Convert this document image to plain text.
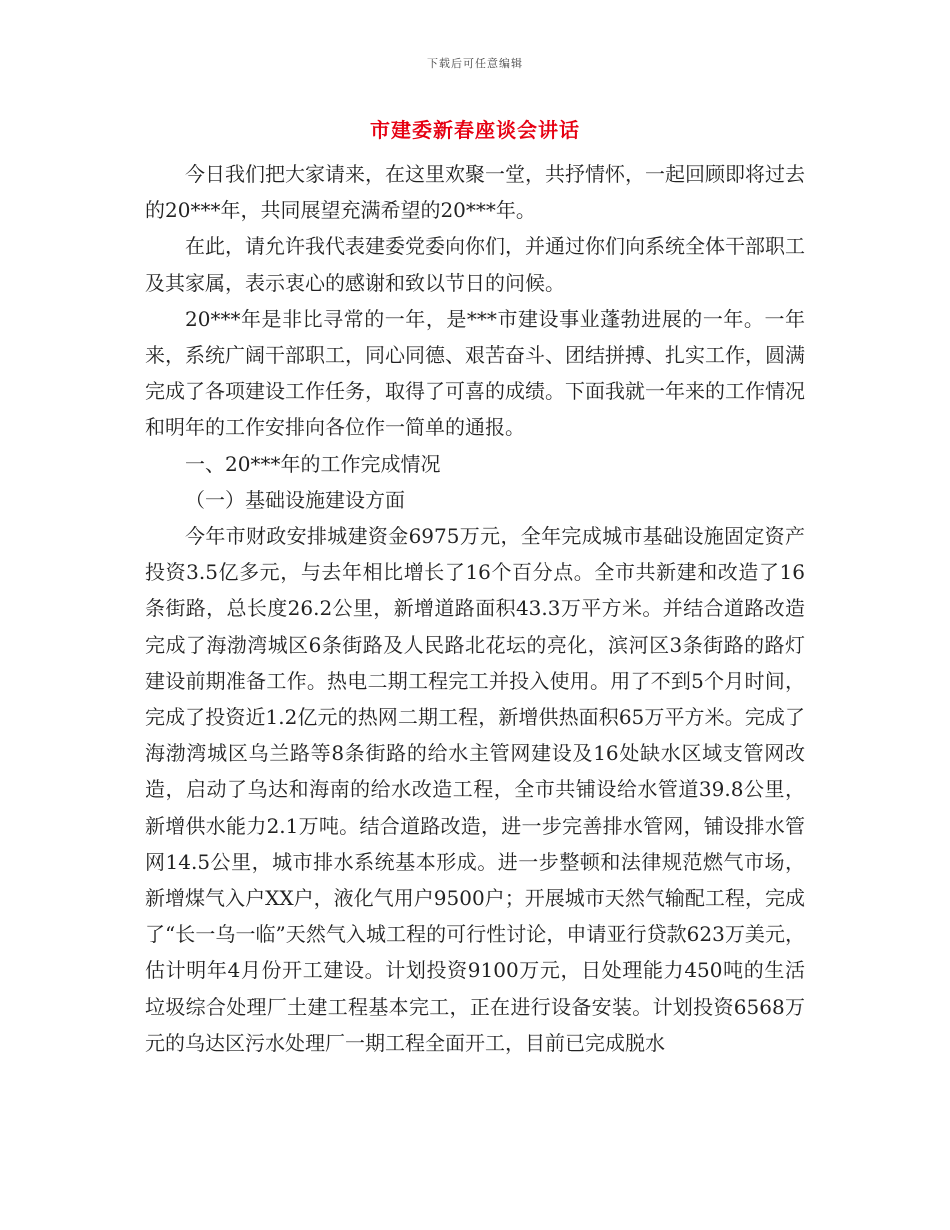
下载后可任意编辑
市建委新春座谈会讲话

今日我们把大家请来，在这里欢聚一堂，共抒情怀，一起回顾即将过去的20***年，共同展望充满希望的20***年。

在此，请允许我代表建委党委向你们，并通过你们向系统全体干部职工及其家属，表示衷心的感谢和致以节日的问候。

20***年是非比寻常的一年，是***市建设事业蓬勃进展的一年。一年来，系统广阔干部职工，同心同德、艰苦奋斗、团结拼搏、扎实工作，圆满完成了各项建设工作任务，取得了可喜的成绩。下面我就一年来的工作情况和明年的工作安排向各位作一简单的通报。

一、20***年的工作完成情况

（一）基础设施建设方面

今年市财政安排城建资金6975万元，全年完成城市基础设施固定资产投资3.5亿多元，与去年相比增长了16个百分点。全市共新建和改造了16条街路，总长度26.2公里，新增道路面积43.3万平方米。并结合道路改造完成了海渤湾城区6条街路及人民路北花坛的亮化，滨河区3条街路的路灯建设前期准备工作。热电二期工程完工并投入使用。用了不到5个月时间，完成了投资近1.2亿元的热网二期工程，新增供热面积65万平方米。完成了海渤湾城区乌兰路等8条街路的给水主管网建设及16处缺水区域支管网改造，启动了乌达和海南的给水改造工程，全市共铺设给水管道39.8公里，新增供水能力2.1万吨。结合道路改造，进一步完善排水管网，铺设排水管网14.5公里，城市排水系统基本形成。进一步整顿和法律规范燃气市场，新增煤气入户XX户，液化气用户9500户；开展城市天然气输配工程，完成了“长一乌一临”天然气入城工程的可行性讨论，申请亚行贷款623万美元，估计明年4月份开工建设。计划投资9100万元，日处理能力450吨的生活垃圾综合处理厂土建工程基本完工，正在进行设备安装。计划投资6568万元的乌达区污水处理厂一期工程全面开工，目前已完成脱水
